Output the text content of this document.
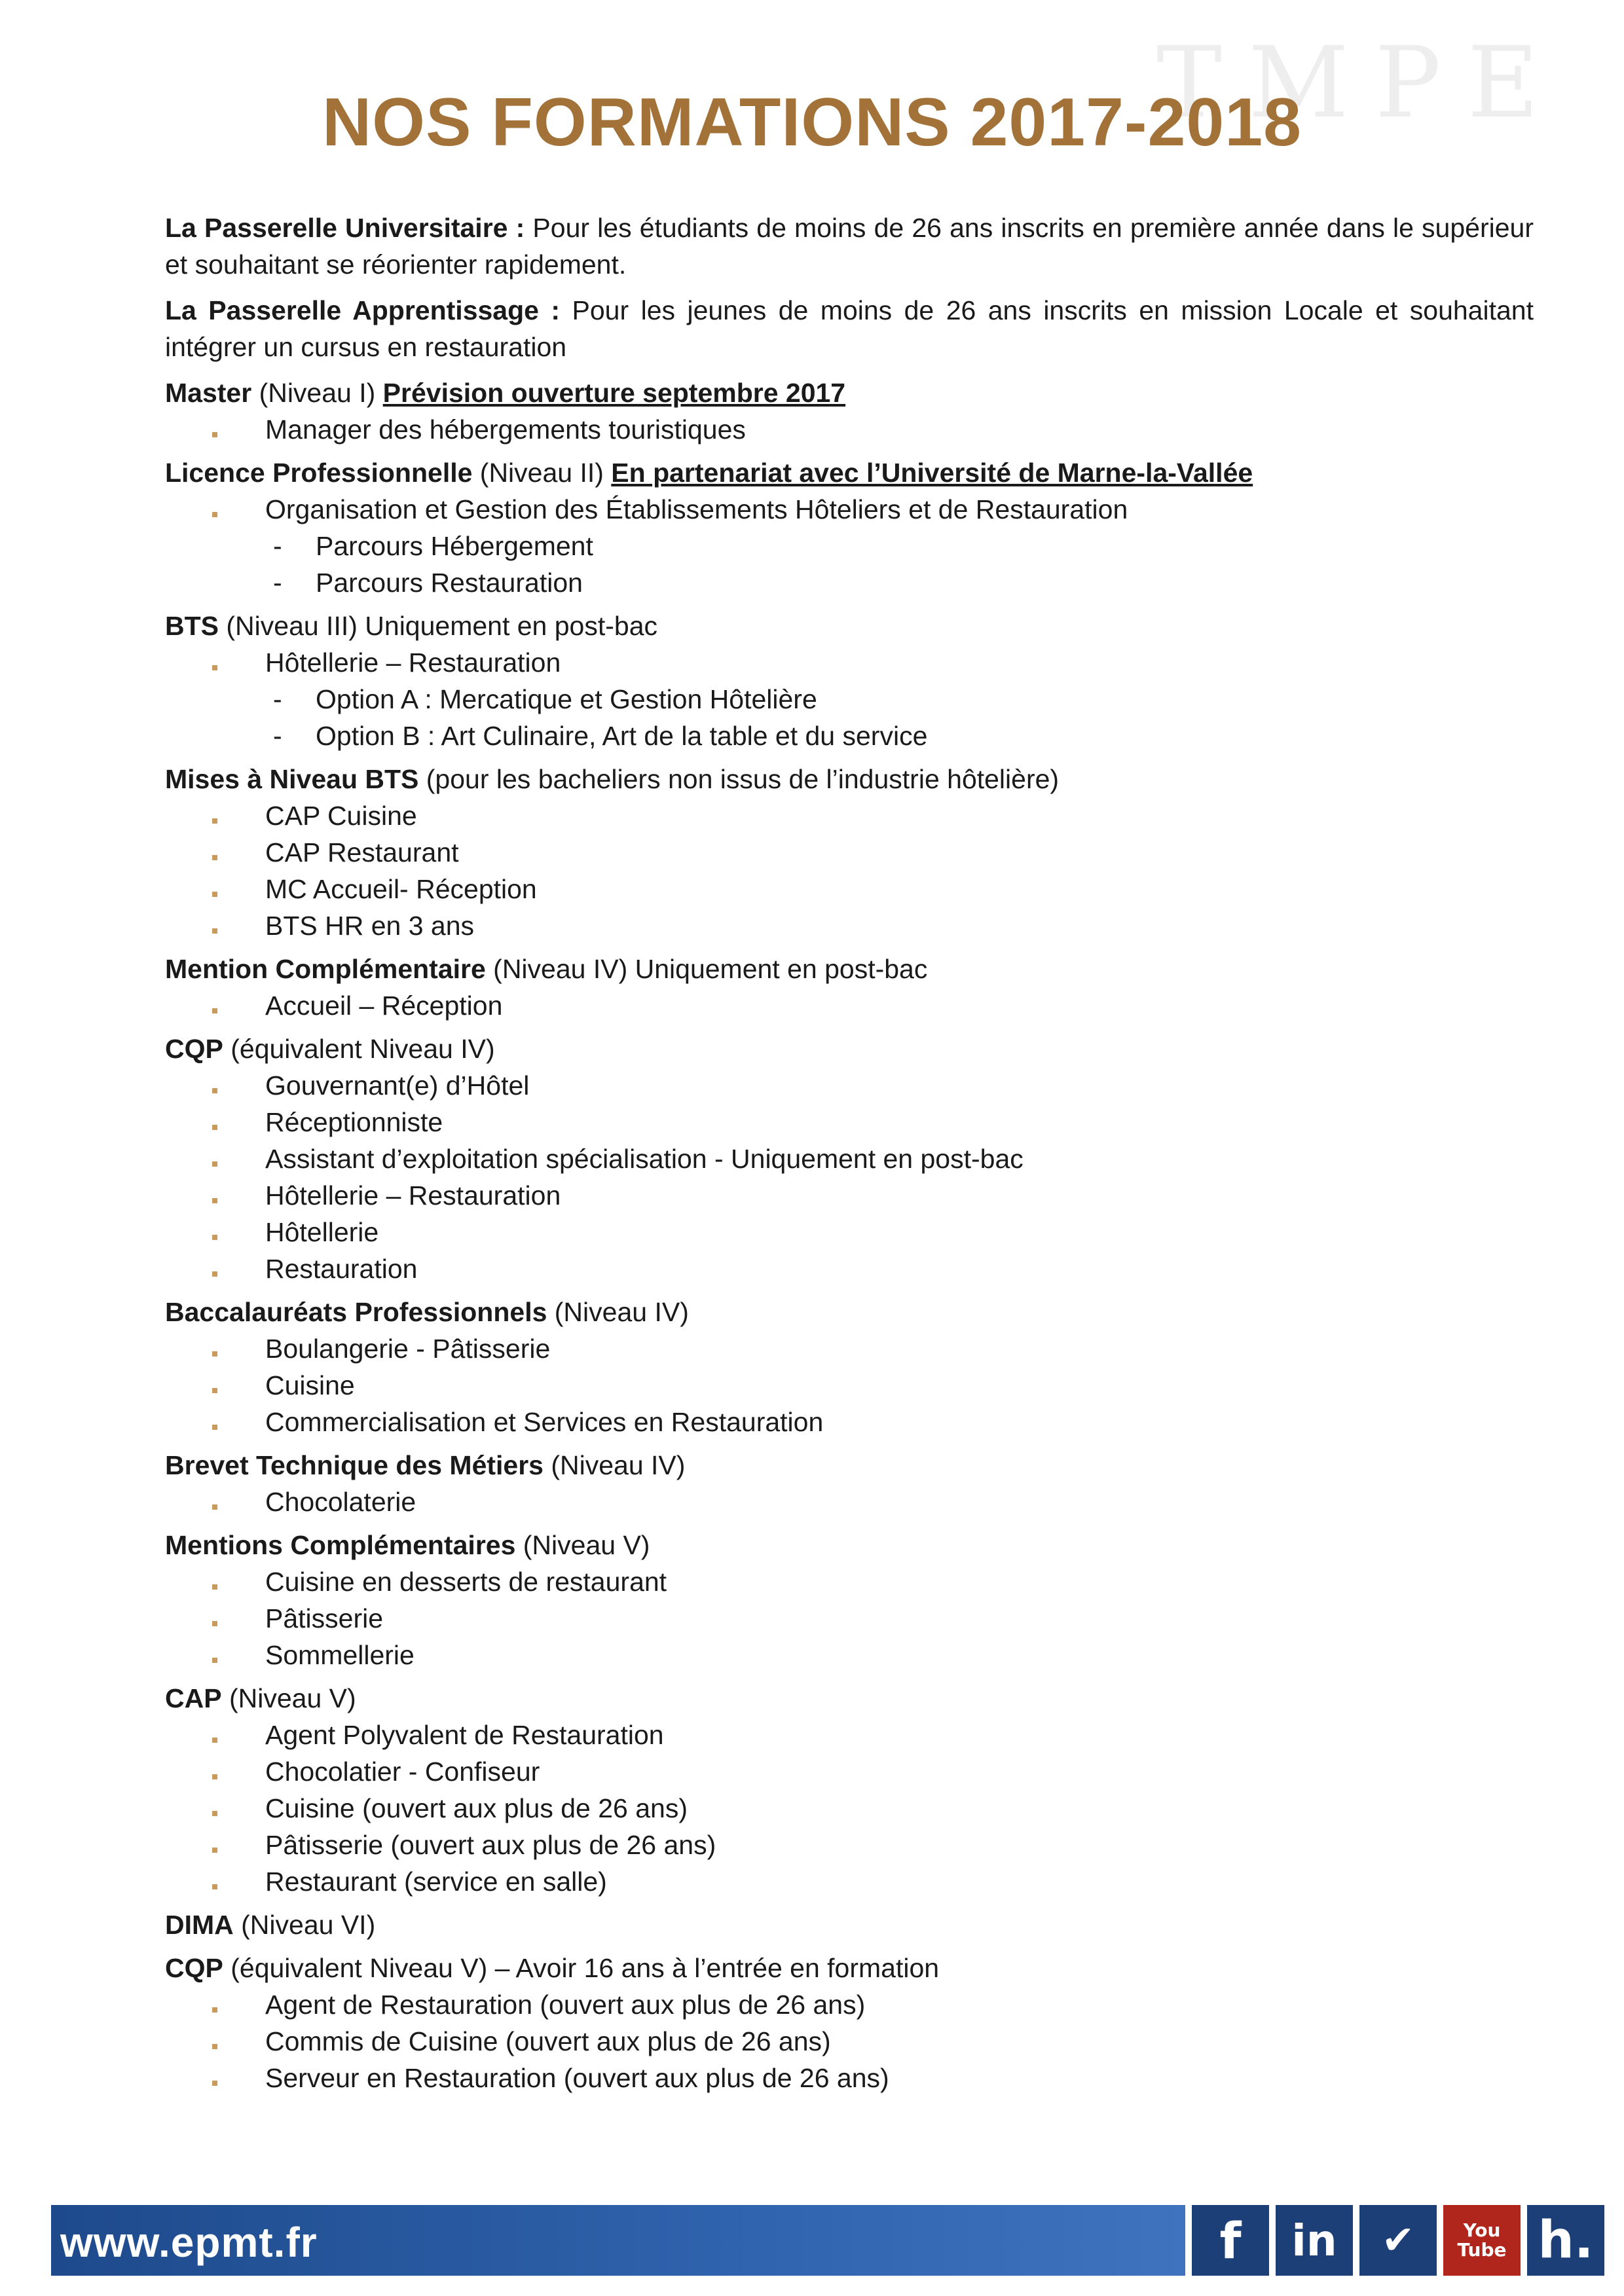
TMPE
NOS FORMATIONS 2017-2018

La Passerelle Universitaire : Pour les étudiants de moins de 26 ans inscrits en première année dans le supérieur et souhaitant se réorienter rapidement.

La Passerelle Apprentissage : Pour les jeunes de moins de 26 ans inscrits en mission Locale et souhaitant intégrer un cursus en restauration

Master (Niveau I) Prévision ouverture septembre 2017

Manager des hébergements touristiques

Licence Professionnelle (Niveau II) En partenariat avec l’Université de Marne-la-Vallée

Organisation et Gestion des Établissements Hôteliers et de Restauration

- Parcours Hébergement

- Parcours Restauration

BTS (Niveau III) Uniquement en post-bac

Hôtellerie – Restauration

- Option A : Mercatique et Gestion Hôtelière

- Option B : Art Culinaire, Art de la table et du service

Mises à Niveau BTS (pour les bacheliers non issus de l’industrie hôtelière)

CAP Cuisine

CAP Restaurant

MC Accueil- Réception

BTS HR en 3 ans

Mention Complémentaire (Niveau IV) Uniquement en post-bac

Accueil – Réception

CQP (équivalent Niveau IV)

Gouvernant(e) d’Hôtel

Réceptionniste

Assistant d’exploitation spécialisation - Uniquement en post-bac

Hôtellerie – Restauration

Hôtellerie

Restauration

Baccalauréats Professionnels (Niveau IV)

Boulangerie - Pâtisserie

Cuisine

Commercialisation et Services en Restauration

Brevet Technique des Métiers (Niveau IV)

Chocolaterie

Mentions Complémentaires (Niveau V)

Cuisine en desserts de restaurant

Pâtisserie

Sommellerie

CAP (Niveau V)

Agent Polyvalent de Restauration

Chocolatier - Confiseur

Cuisine (ouvert aux plus de 26 ans)

Pâtisserie (ouvert aux plus de 26 ans)

Restaurant (service en salle)

DIMA (Niveau VI)

CQP (équivalent Niveau V) – Avoir 16 ans à l’entrée en formation

Agent de Restauration (ouvert aux plus de 26 ans)

Commis de Cuisine (ouvert aux plus de 26 ans)

Serveur en Restauration (ouvert aux plus de 26 ans)

www.epmt.fr	f	in	✔	You Tube h.
